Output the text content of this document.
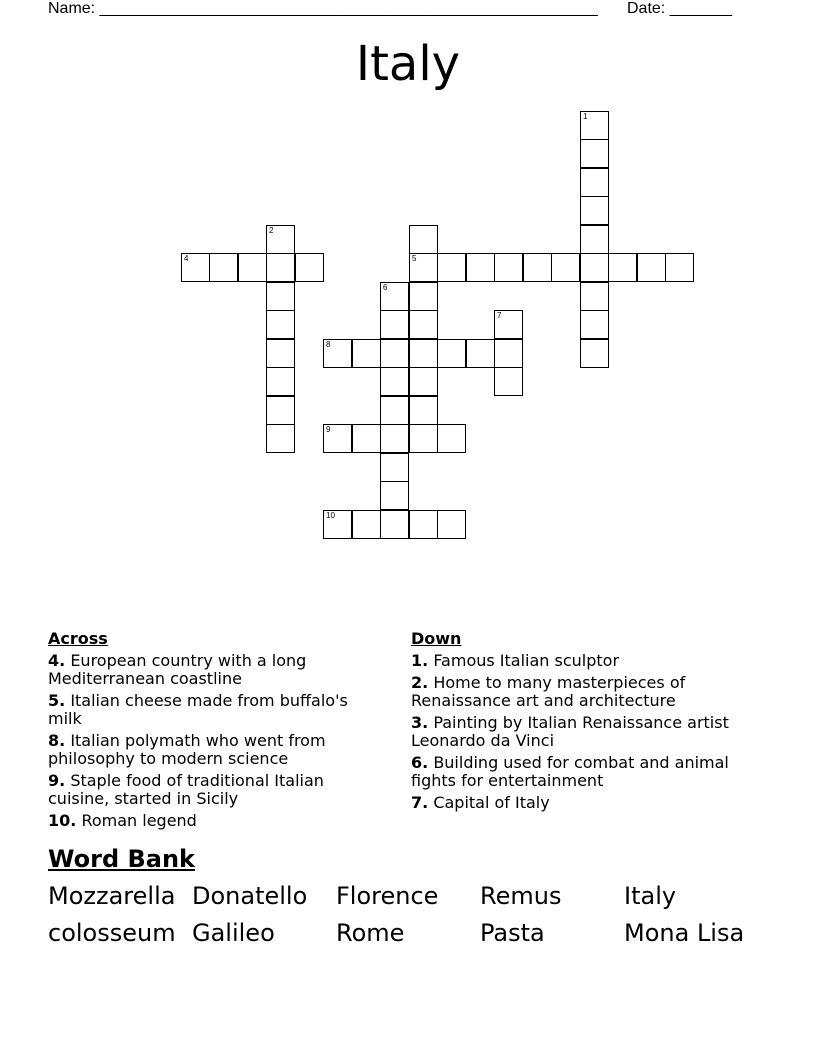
Name: ________________________________________________________ Date: _______
Italy
1
2
5
4
6
7
8
9
10
Across
4. European country with a long Mediterranean coastline
5. Italian cheese made from buffalo's milk
8. Italian polymath who went from philosophy to modern science
9. Staple food of traditional Italian cuisine, started in Sicily
10. Roman legend
Down
1. Famous Italian sculptor
2. Home to many masterpieces of Renaissance art and architecture
3. Painting by Italian Renaissance artist Leonardo da Vinci
6. Building used for combat and animal fights for entertainment
7. Capital of Italy
Word Bank
Mozzarella Donatello	Florence	Remus	Italy
colosseum Galileo	Rome	Pasta	Mona Lisa
